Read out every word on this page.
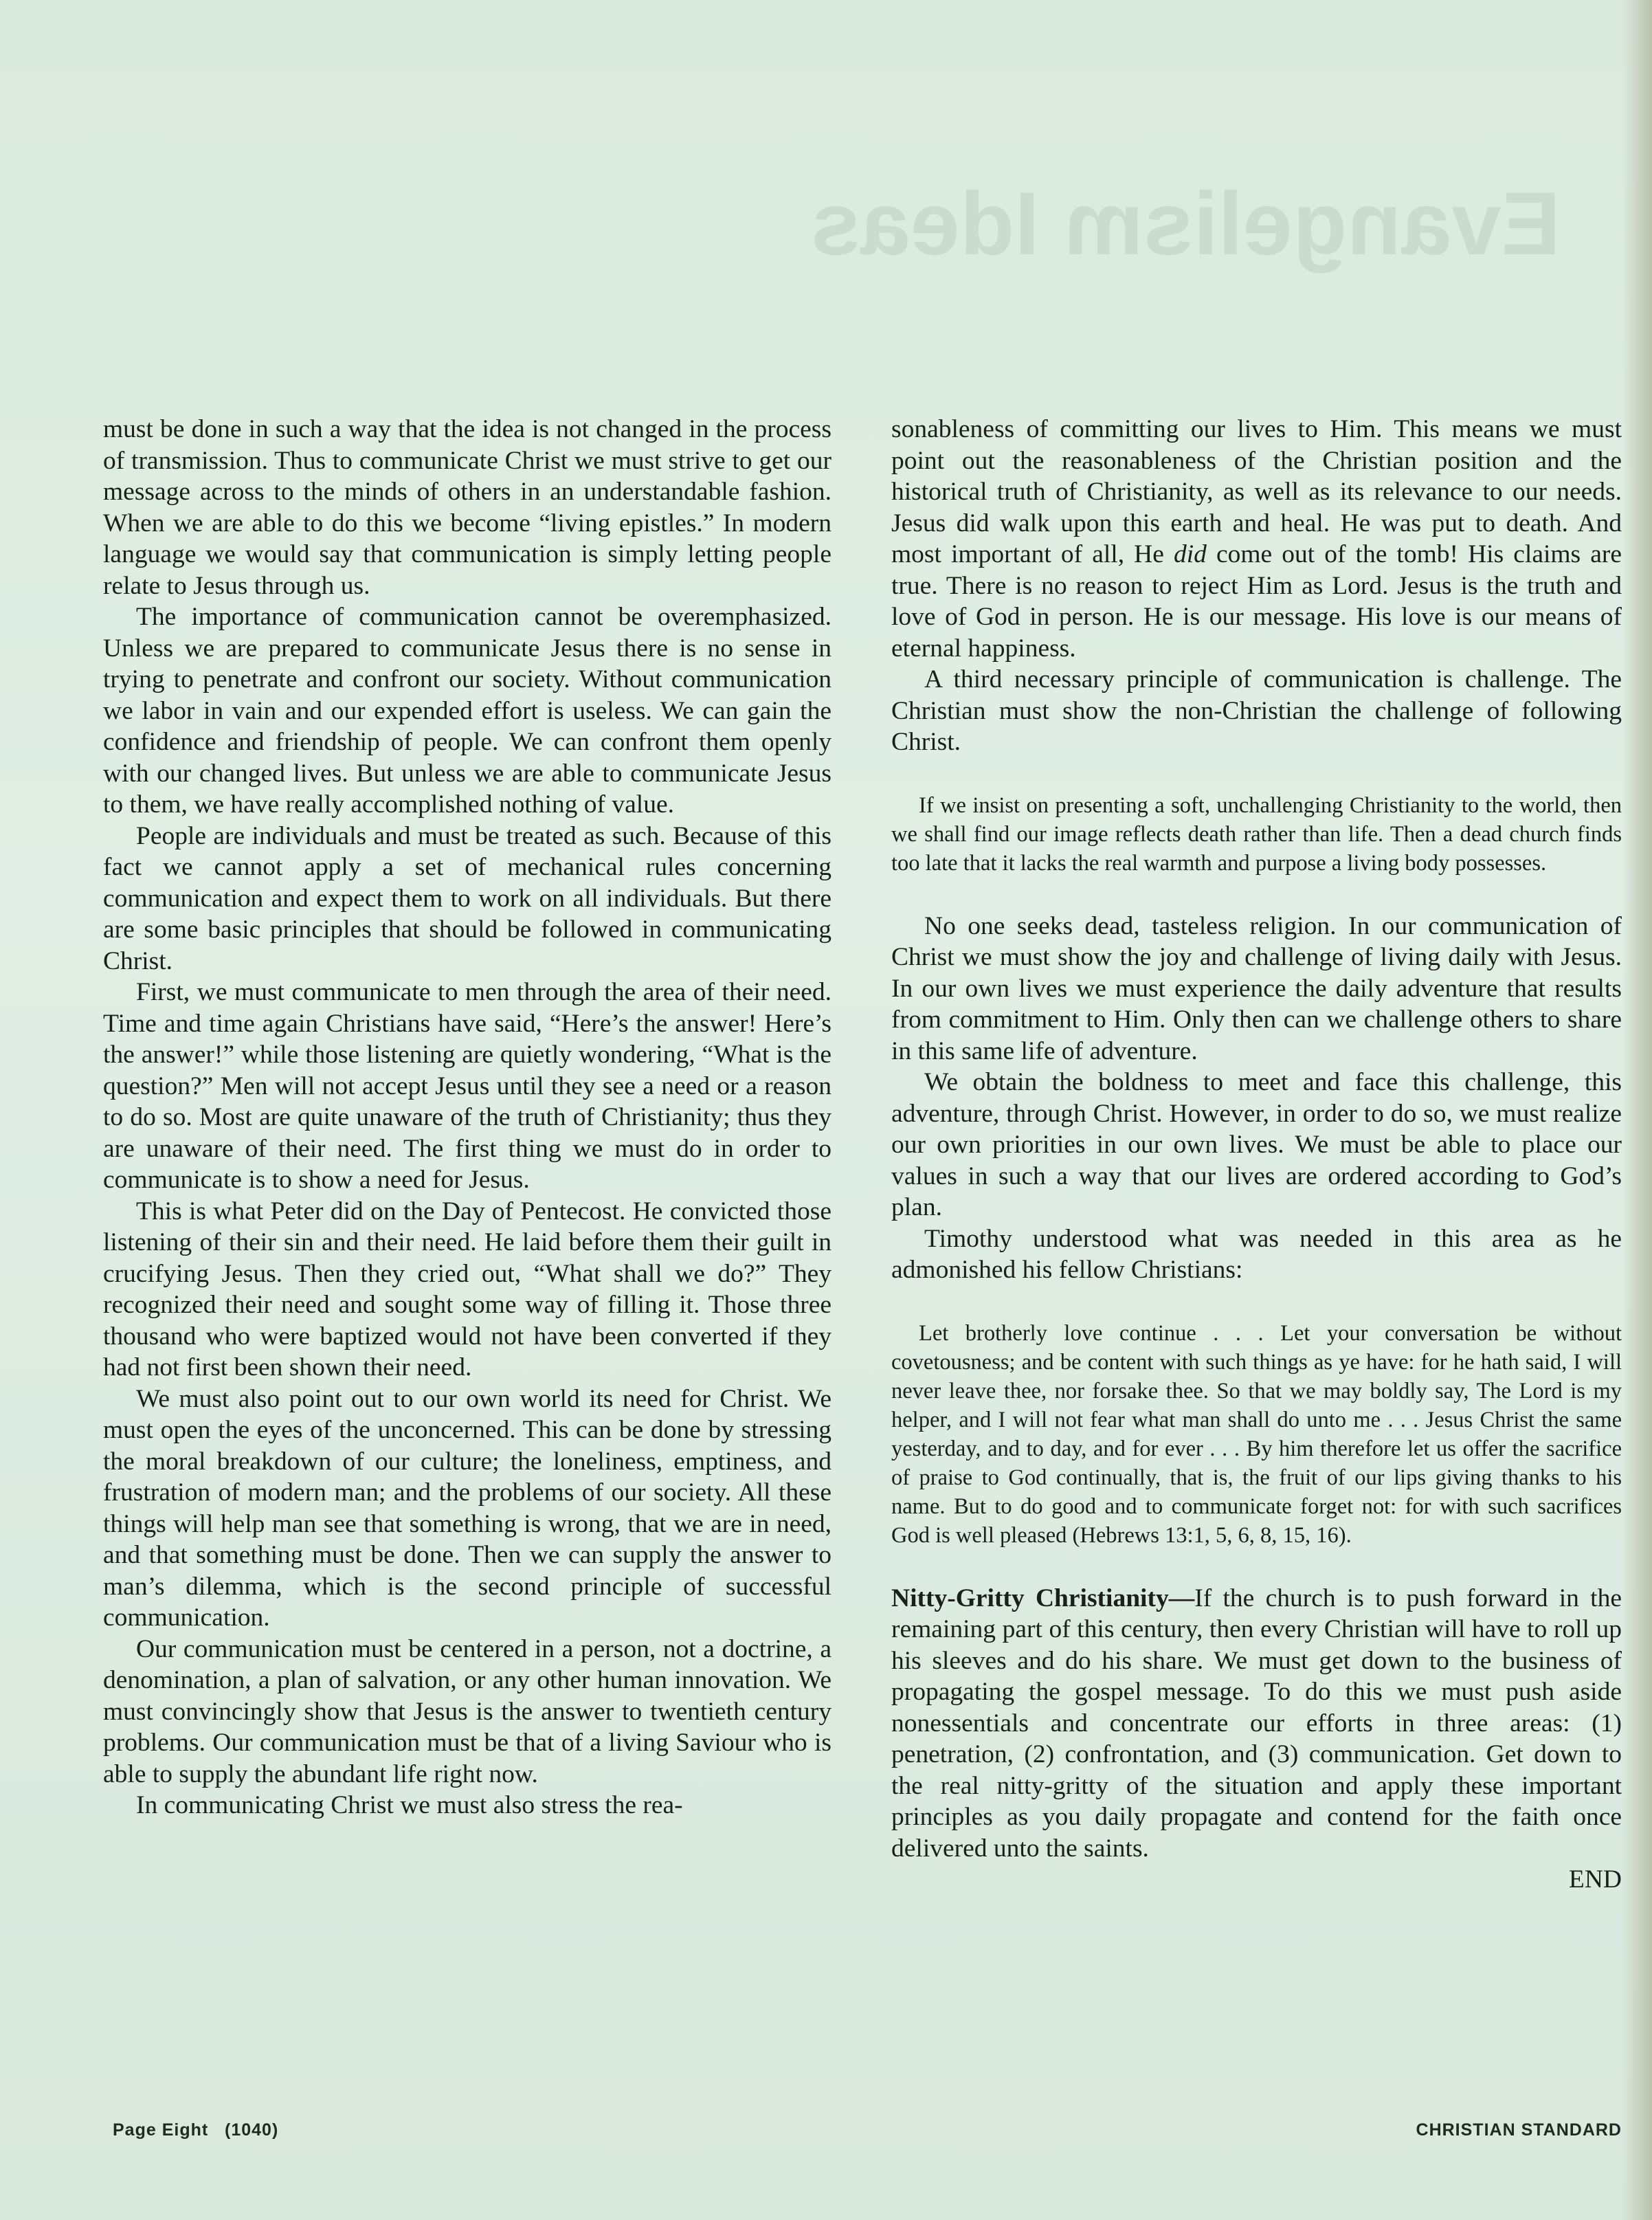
Evangelism Ideas

must be done in such a way that the idea is not changed in the process of transmission. Thus to communicate Christ we must strive to get our message across to the minds of others in an understandable fashion. When we are able to do this we become “living epistles.” In modern language we would say that communication is simply letting people relate to Jesus through us.

The importance of communication cannot be overemphasized. Unless we are prepared to communicate Jesus there is no sense in trying to penetrate and confront our society. Without communication we labor in vain and our expended effort is useless. We can gain the confidence and friendship of people. We can confront them openly with our changed lives. But unless we are able to communicate Jesus to them, we have really accomplished nothing of value.

People are individuals and must be treated as such. Because of this fact we cannot apply a set of mechanical rules concerning communication and expect them to work on all individuals. But there are some basic principles that should be followed in communicating Christ.

First, we must communicate to men through the area of their need. Time and time again Christians have said, “Here’s the answer! Here’s the answer!” while those listening are quietly wondering, “What is the question?” Men will not accept Jesus until they see a need or a reason to do so. Most are quite unaware of the truth of Christianity; thus they are unaware of their need. The first thing we must do in order to communicate is to show a need for Jesus.

This is what Peter did on the Day of Pentecost. He convicted those listening of their sin and their need. He laid before them their guilt in crucifying Jesus. Then they cried out, “What shall we do?” They recognized their need and sought some way of filling it. Those three thousand who were baptized would not have been converted if they had not first been shown their need.

We must also point out to our own world its need for Christ. We must open the eyes of the unconcerned. This can be done by stressing the moral breakdown of our culture; the loneliness, emptiness, and frustration of modern man; and the problems of our society. All these things will help man see that something is wrong, that we are in need, and that something must be done. Then we can supply the answer to man’s dilemma, which is the second principle of successful communication.

Our communication must be centered in a person, not a doctrine, a denomination, a plan of salvation, or any other human innovation. We must convincingly show that Jesus is the answer to twentieth century problems. Our communication must be that of a living Saviour who is able to supply the abundant life right now.

In communicating Christ we must also stress the rea-

sonableness of committing our lives to Him. This means we must point out the reasonableness of the Christian position and the historical truth of Christianity, as well as its relevance to our needs. Jesus did walk upon this earth and heal. He was put to death. And most important of all, He did come out of the tomb! His claims are true. There is no reason to reject Him as Lord. Jesus is the truth and love of God in person. He is our message. His love is our means of eternal happiness.

A third necessary principle of communication is challenge. The Christian must show the non-Christian the challenge of following Christ.

If we insist on presenting a soft, unchallenging Christianity to the world, then we shall find our image reflects death rather than life. Then a dead church finds too late that it lacks the real warmth and purpose a living body possesses.

No one seeks dead, tasteless religion. In our communication of Christ we must show the joy and challenge of living daily with Jesus. In our own lives we must experience the daily adventure that results from commitment to Him. Only then can we challenge others to share in this same life of adventure.

We obtain the boldness to meet and face this challenge, this adventure, through Christ. However, in order to do so, we must realize our own priorities in our own lives. We must be able to place our values in such a way that our lives are ordered according to God’s plan.

Timothy understood what was needed in this area as he admonished his fellow Christians:

Let brotherly love continue . . . Let your conversation be without covetousness; and be content with such things as ye have: for he hath said, I will never leave thee, nor forsake thee. So that we may boldly say, The Lord is my helper, and I will not fear what man shall do unto me . . . Jesus Christ the same yesterday, and to day, and for ever . . . By him therefore let us offer the sacrifice of praise to God continually, that is, the fruit of our lips giving thanks to his name. But to do good and to communicate forget not: for with such sacrifices God is well pleased (Hebrews 13:1, 5, 6, 8, 15, 16).

Nitty-Gritty Christianity—If the church is to push forward in the remaining part of this century, then every Christian will have to roll up his sleeves and do his share. We must get down to the business of propagating the gospel message. To do this we must push aside nonessentials and concentrate our efforts in three areas: (1) penetration, (2) confrontation, and (3) communication. Get down to the real nitty-gritty of the situation and apply these important principles as you daily propagate and contend for the faith once delivered unto the saints.

END

Page Eight   (1040)	CHRISTIAN STANDARD
